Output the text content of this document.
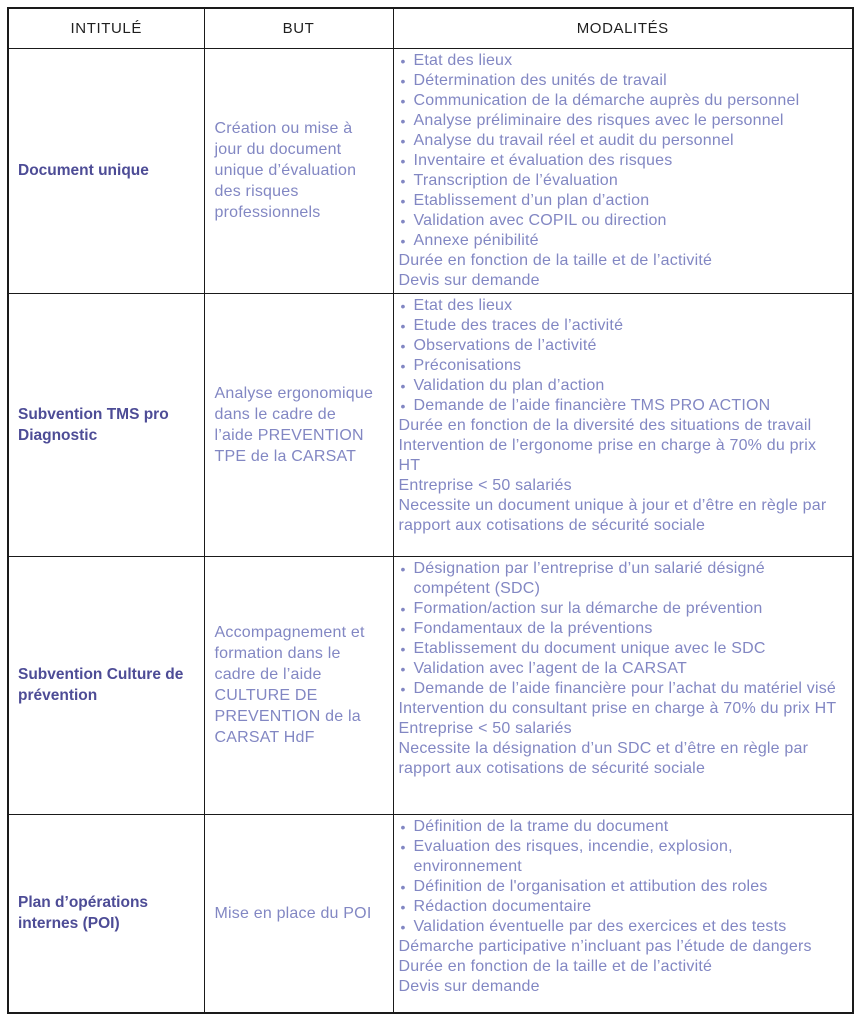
INTITULÉ	BUT	MODALITÉS
Document unique	Création ou mise à jour du document unique d’évaluation des risques professionnels	
• Etat des lieux
• Détermination des unités de travail
• Communication de la démarche auprès du personnel
• Analyse préliminaire des risques avec le personnel
• Analyse du travail réel et audit du personnel
• Inventaire et évaluation des risques
• Transcription de l’évaluation
• Etablissement d’un plan d’action
• Validation avec COPIL ou direction
• Annexe pénibilité
Durée en fonction de la taille et de l’activité
Devis sur demande

Subvention TMS pro Diagnostic	Analyse ergonomique dans le cadre de l’aide PREVENTION TPE de la CARSAT	
• Etat des lieux
• Etude des traces de l’activité
• Observations de l’activité
• Préconisations
• Validation du plan d’action
• Demande de l’aide financière TMS PRO ACTION
Durée en fonction de la diversité des situations de travail
Intervention de l’ergonome prise en charge à 70% du prix HT
Entreprise < 50 salariés
Necessite un document unique à jour et d’être en règle par rapport aux cotisations de sécurité sociale

Subvention Culture de prévention	Accompagnement et formation dans le cadre de l’aide CULTURE DE PREVENTION de la CARSAT HdF	
• Désignation par l’entreprise d’un salarié désigné compétent (SDC)
• Formation/action sur la démarche de prévention
• Fondamentaux de la préventions
• Etablissement du document unique avec le SDC
• Validation avec l’agent de la CARSAT
• Demande de l’aide financière pour l’achat du matériel visé
Intervention du consultant prise en charge à 70% du prix HT
Entreprise < 50 salariés
Necessite la désignation d’un SDC et d’être en règle par rapport aux cotisations de sécurité sociale

Plan d’opérations internes (POI)	Mise en place du POI	
• Définition de la trame du document
• Evaluation des risques, incendie, explosion, environnement
• Définition de l'organisation et attibution des roles
• Rédaction documentaire
• Validation éventuelle par des exercices et des tests
Démarche participative n’incluant pas l’étude de dangers
Durée en fonction de la taille et de l’activité
Devis sur demande
